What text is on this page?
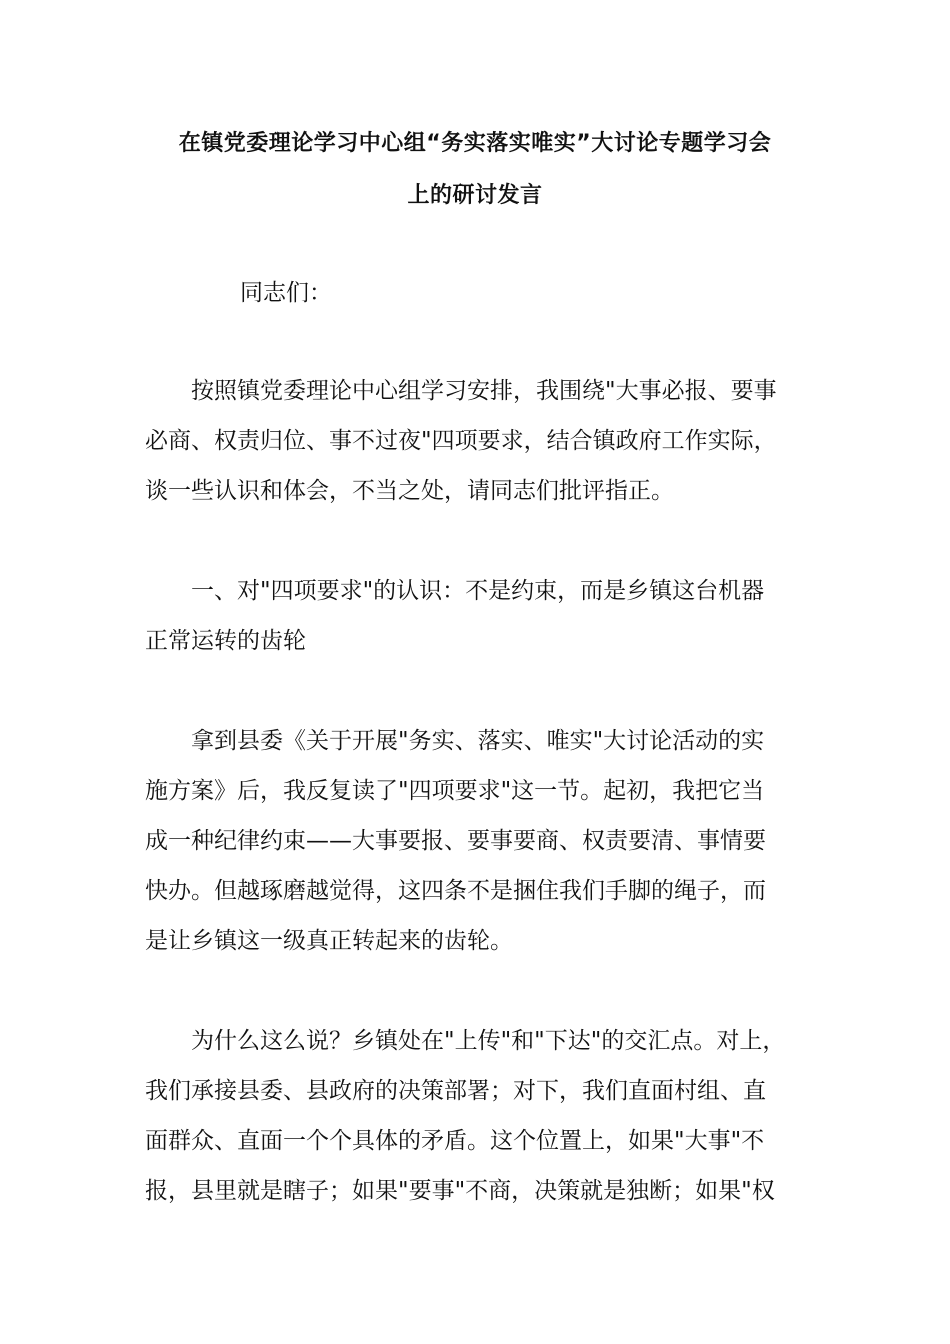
在镇党委理论学习中心组“务实落实唯实”大讨论专题学习会
上的研讨发言

同志们：

　　按照镇党委理论中心组学习安排，我围绕"大事必报、要事
必商、权责归位、事不过夜"四项要求，结合镇政府工作实际，
谈一些认识和体会，不当之处，请同志们批评指正。

　　一、对"四项要求"的认识：不是约束，而是乡镇这台机器
正常运转的齿轮

　　拿到县委《关于开展"务实、落实、唯实"大讨论活动的实
施方案》后，我反复读了"四项要求"这一节。起初，我把它当
成一种纪律约束——大事要报、要事要商、权责要清、事情要
快办。但越琢磨越觉得，这四条不是捆住我们手脚的绳子，而
是让乡镇这一级真正转起来的齿轮。

　　为什么这么说？乡镇处在"上传"和"下达"的交汇点。对上，
我们承接县委、县政府的决策部署；对下，我们直面村组、直
面群众、直面一个个具体的矛盾。这个位置上，如果"大事"不
报，县里就是瞎子；如果"要事"不商，决策就是独断；如果"权
